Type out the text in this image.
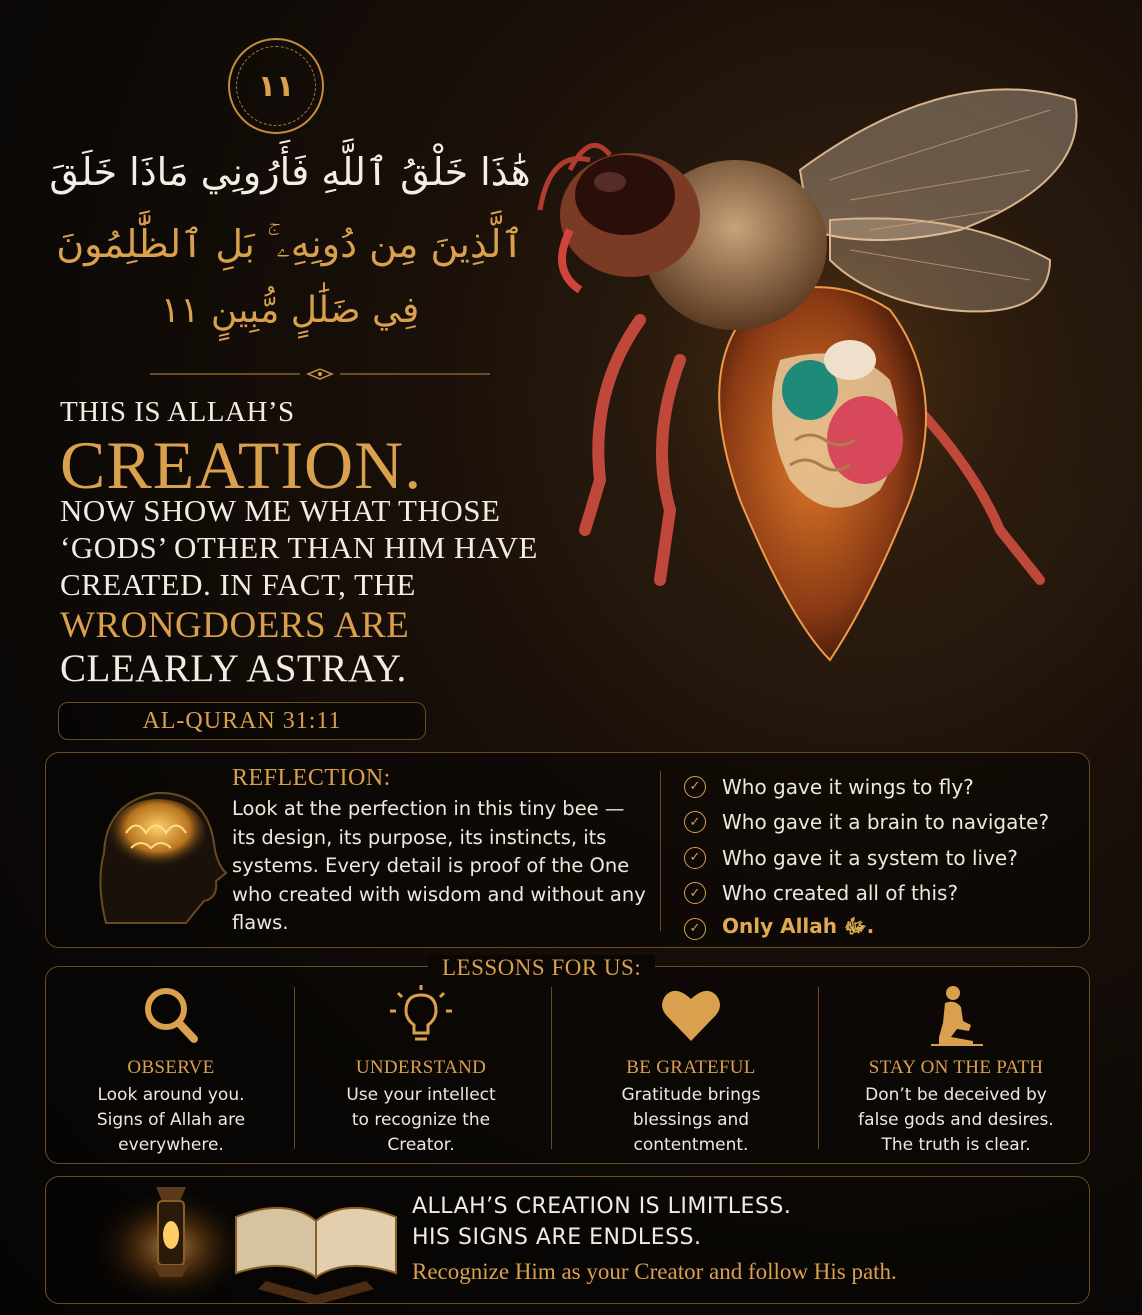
١١
هَٰذَا خَلْقُ ٱللَّهِ فَأَرُونِي مَاذَا خَلَقَ
ٱلَّذِينَ مِن دُونِهِۦ ۚ بَلِ ٱلظَّٰلِمُونَ
فِي ضَلَٰلٍ مُّبِينٍ ١١
THIS IS ALLAH’S
CREATION.
NOW SHOW ME WHAT THOSE
‘GODS’ OTHER THAN HIM HAVE
CREATED. IN FACT, THE
WRONGDOERS ARE
CLEARLY ASTRAY.
AL-QURAN 31:11
REFLECTION:
Look at the perfection in this tiny bee — its design, its purpose, its instincts, its systems. Every detail is proof of the One who created with wisdom and without any flaws.
✓ Who gave it wings to fly?
✓ Who gave it a brain to navigate?
✓ Who gave it a system to live?
✓ Who created all of this?
✓ Only Allah ﷻ.
LESSONS FOR US:
OBSERVE
Look around you. Signs of Allah are everywhere.
UNDERSTAND
Use your intellect to recognize the Creator.
BE GRATEFUL
Gratitude brings blessings and contentment.
STAY ON THE PATH
Don’t be deceived by false gods and desires. The truth is clear.
ALLAH’S CREATION IS LIMITLESS.
HIS SIGNS ARE ENDLESS.
Recognize Him as your Creator and follow His path.
